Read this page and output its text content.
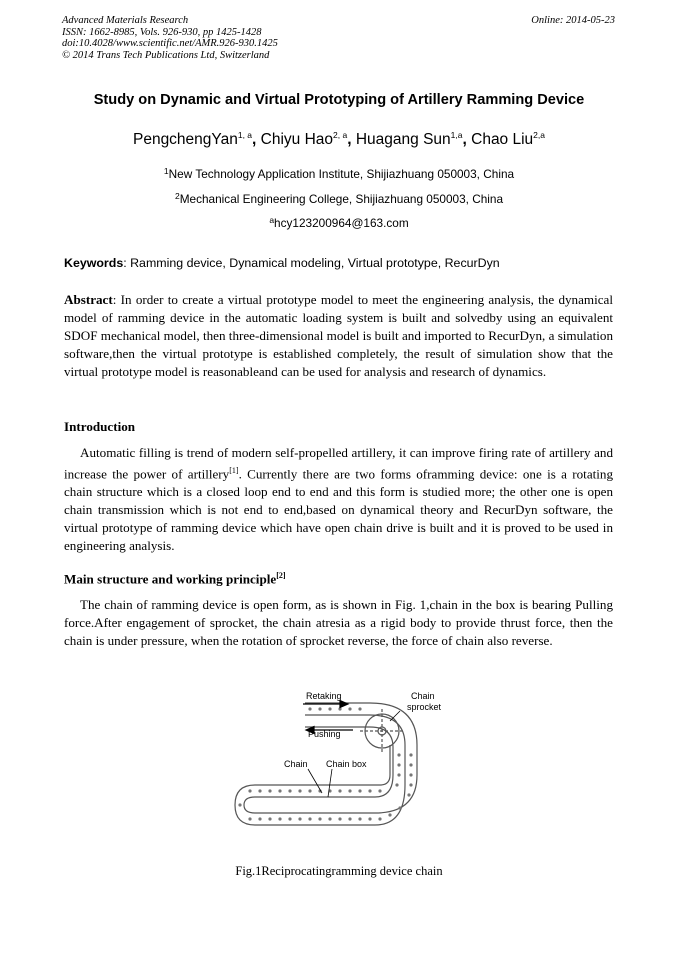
Advanced Materials Research
ISSN: 1662-8985, Vols. 926-930, pp 1425-1428
doi:10.4028/www.scientific.net/AMR.926-930.1425
© 2014 Trans Tech Publications Ltd, Switzerland
Online: 2014-05-23
Study on Dynamic and Virtual Prototyping of Artillery Ramming Device
PengchengYan$^{1, a}$, Chiyu Hao$^{2, a}$, Huagang Sun$^{1,a}$, Chao Liu$^{2,a}$
$^1$New Technology Application Institute, Shijiazhuang 050003, China
$^2$Mechanical Engineering College, Shijiazhuang 050003, China
$^a$hcy123200964@163.com
Keywords: Ramming device, Dynamical modeling, Virtual prototype, RecurDyn
Abstract: In order to create a virtual prototype model to meet the engineering analysis, the dynamical model of ramming device in the automatic loading system is built and solvedby using an equivalent SDOF mechanical model, then three-dimensional model is built and imported to RecurDyn, a simulation software,then the virtual prototype is established completely, the result of simulation show that the virtual prototype model is reasonableand can be used for analysis and research of dynamics.
Introduction
Automatic filling is trend of modern self-propelled artillery, it can improve firing rate of artillery and increase the power of artillery[1]. Currently there are two forms oframming device: one is a rotating chain structure which is a closed loop end to end and this form is studied more; the other one is open chain transmission which is not end to end,based on dynamical theory and RecurDyn software, the virtual prototype of ramming device which have open chain drive is built and it is proved to be used in engineering analysis.
Main structure and working principle[2]
The chain of ramming device is open form, as is shown in Fig. 1,chain in the box is bearing Pulling force.After engagement of sprocket, the chain atresia as a rigid body to provide thrust force, then the chain is under pressure, when the rotation of sprocket reverse, the force of chain also reverse.
Retaking
Pushing
Chain
sprocket
Chain Chain box
Fig.1Reciprocatingramming device chain
